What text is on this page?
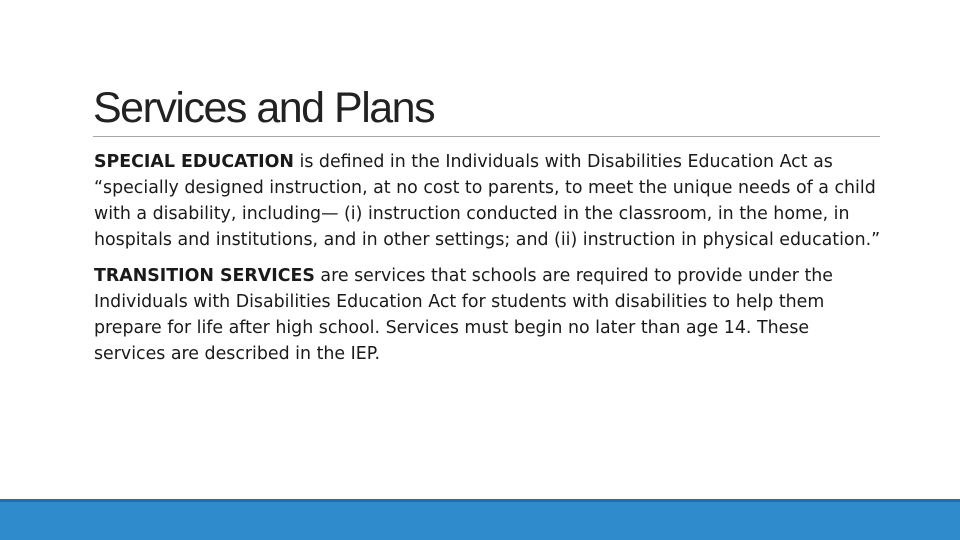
Services and Plans

SPECIAL EDUCATION is defined in the Individuals with Disabilities Education Act as “specially designed instruction, at no cost to parents, to meet the unique needs of a child with a disability, including— (i) instruction conducted in the classroom, in the home, in hospitals and institutions, and in other settings; and (ii) instruction in physical education.”

TRANSITION SERVICES are services that schools are required to provide under the Individuals with Disabilities Education Act for students with disabilities to help them prepare for life after high school. Services must begin no later than age 14. These services are described in the IEP.
